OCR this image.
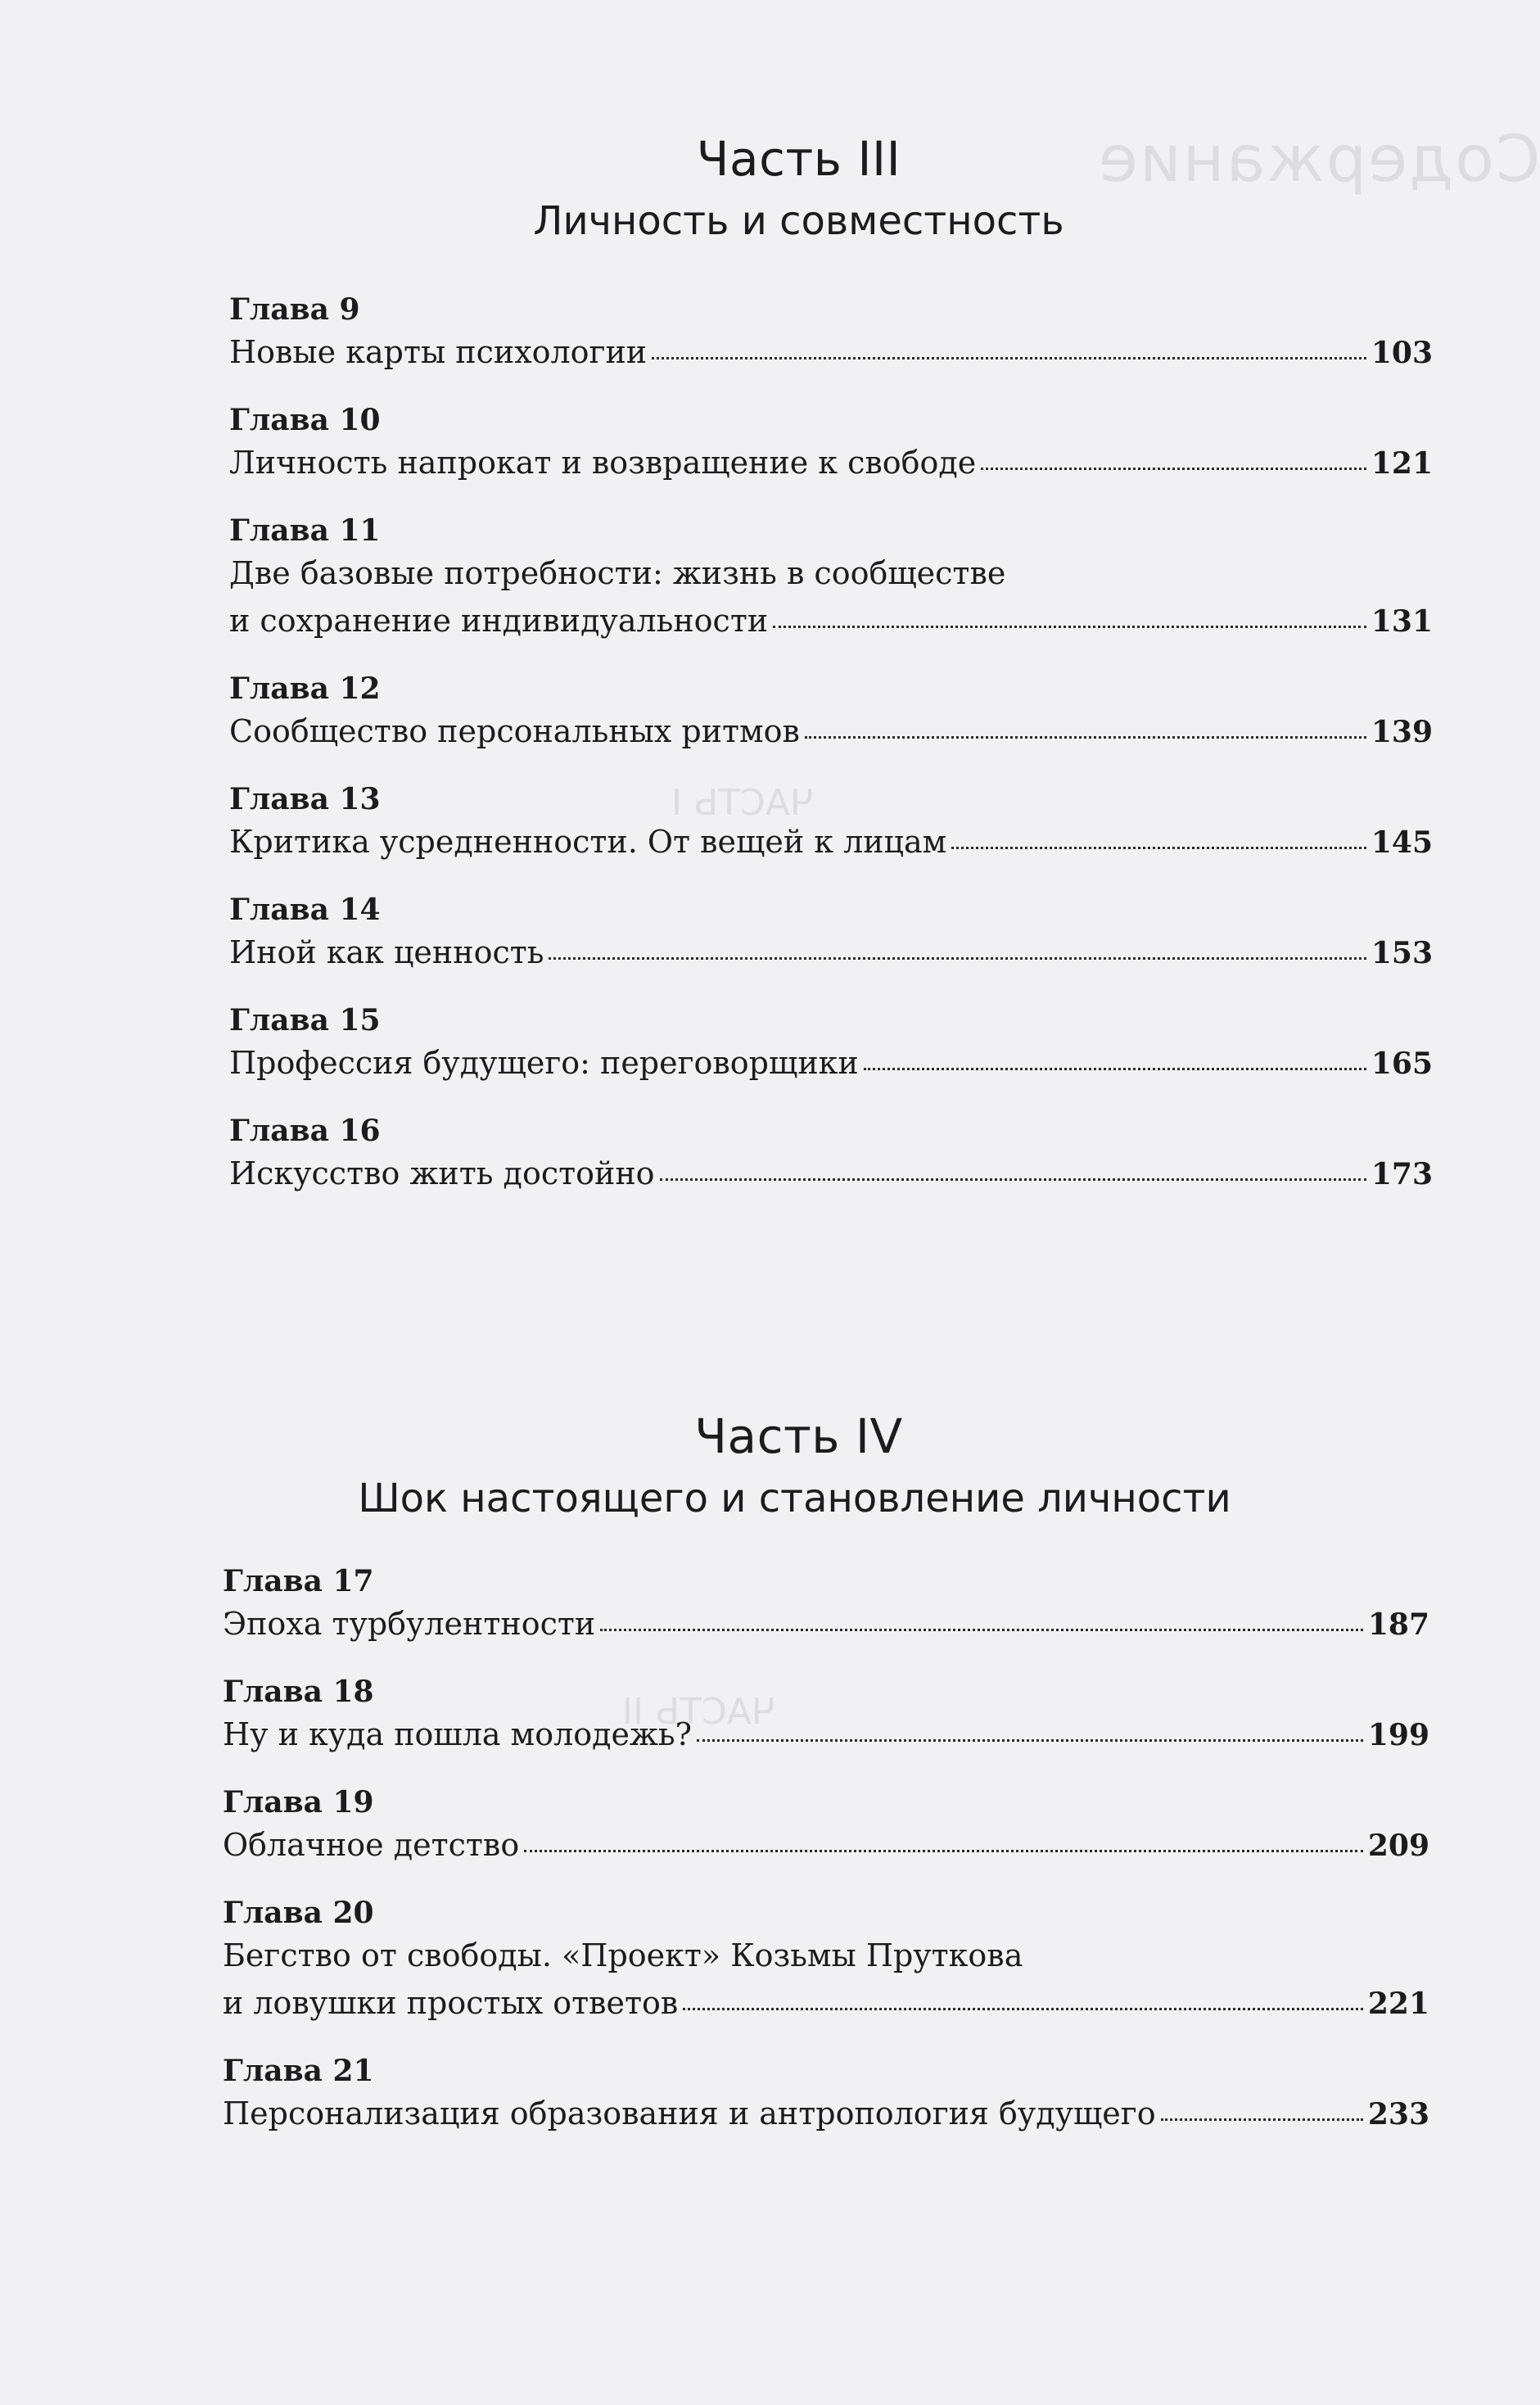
Содержание
ЧАСТЬ I
ЧАСТЬ II
Часть III
Личность и совместность
Глава 9
Новые карты психологии	103
Глава 10
Личность напрокат и возвращение к свободе	121
Глава 11
Две базовые потребности: жизнь в сообществе
и сохранение индивидуальности	131
Глава 12
Сообщество персональных ритмов	139
Глава 13
Критика усредненности. От вещей к лицам	145
Глава 14
Иной как ценность	153
Глава 15
Профессия будущего: переговорщики	165
Глава 16
Искусство жить достойно	173
Часть IV
Шок настоящего и становление личности
Глава 17
Эпоха турбулентности	187
Глава 18
Ну и куда пошла молодежь?	199
Глава 19
Облачное детство	209
Глава 20
Бегство от свободы. «Проект» Козьмы Пруткова
и ловушки простых ответов	221
Глава 21
Персонализация образования и антропология будущего	233
